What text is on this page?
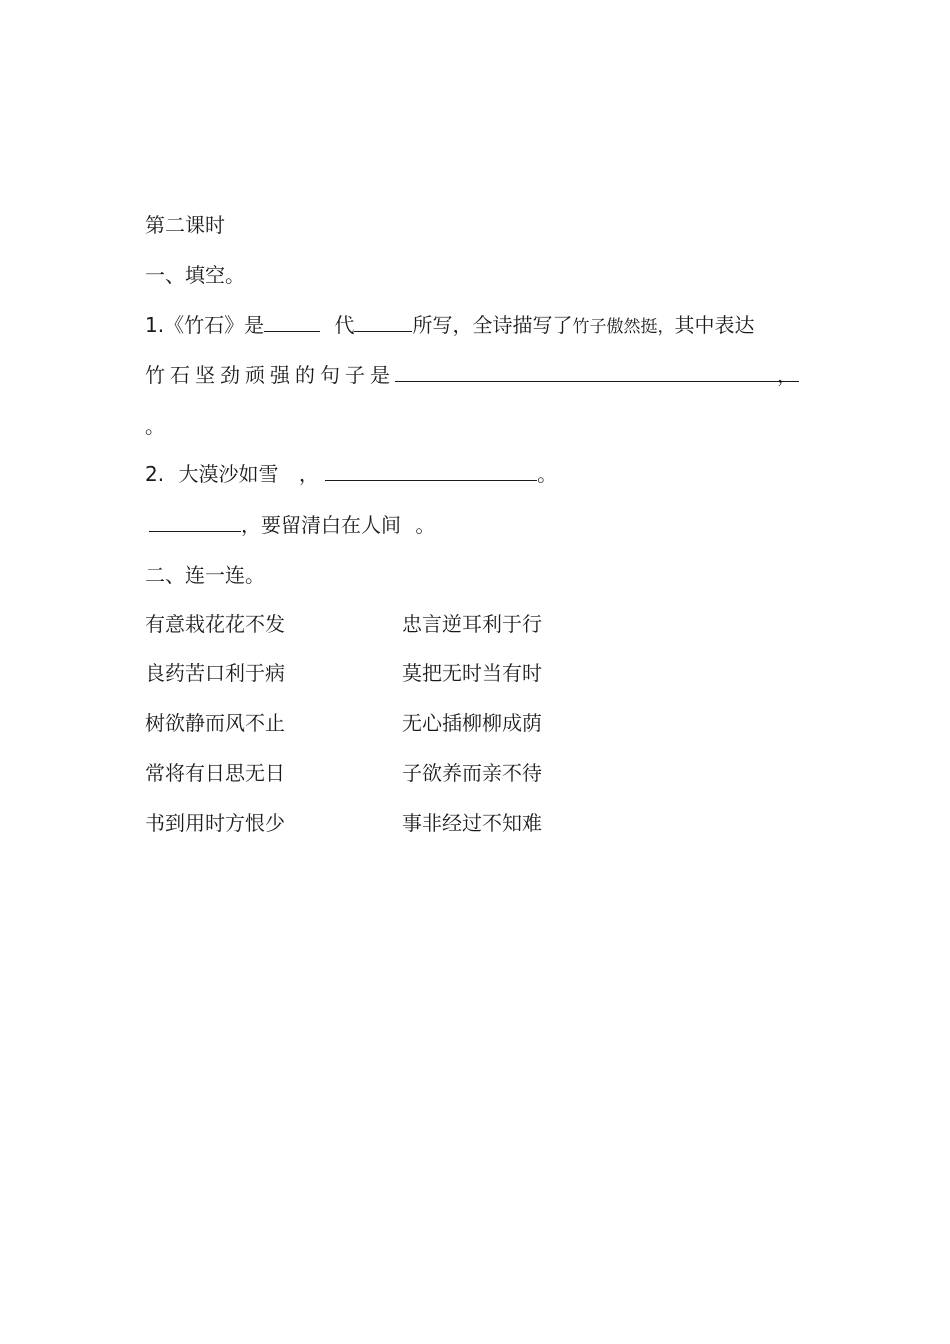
第二课时
一、填空。
1.《竹石》是	代	所写，全诗描写了竹子傲然挺，其中表达
竹石坚劲顽强的句子是	，
。
2. 大漠沙如雪 ，	。
，要留清白在人间 。
二、连一连。
有意栽花花不发	忠言逆耳利于行
良药苦口利于病	莫把无时当有时
树欲静而风不止	无心插柳柳成荫
常将有日思无日	子欲养而亲不待
书到用时方恨少	事非经过不知难
